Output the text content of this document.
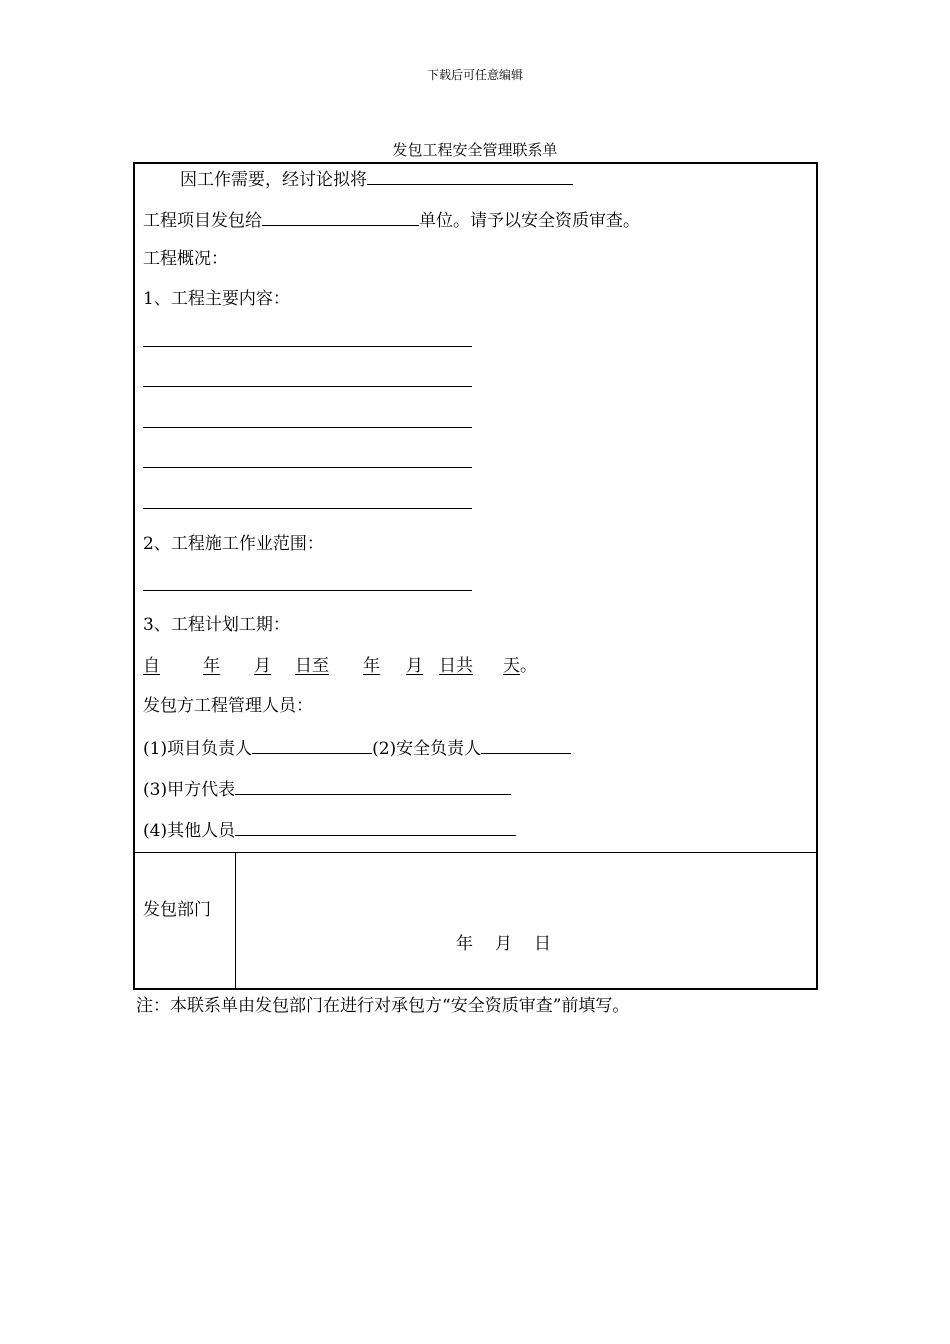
下载后可任意编辑
发包工程安全管理联系单
因工作需要，经讨论拟将
工程项目发包给	单位。请予以安全资质审查。
工程概况：
1、工程主要内容：
2、工程施工作业范围：
3、工程计划工期：
自	年 月 日至 年 月 日共 天。
发包方工程管理人员：
(1)项目负责人	(2)安全负责人
(3)甲方代表
(4)其他人员
发包部门
年 月 日
注：本联系单由发包部门在进行对承包方“安全资质审查”前填写。
